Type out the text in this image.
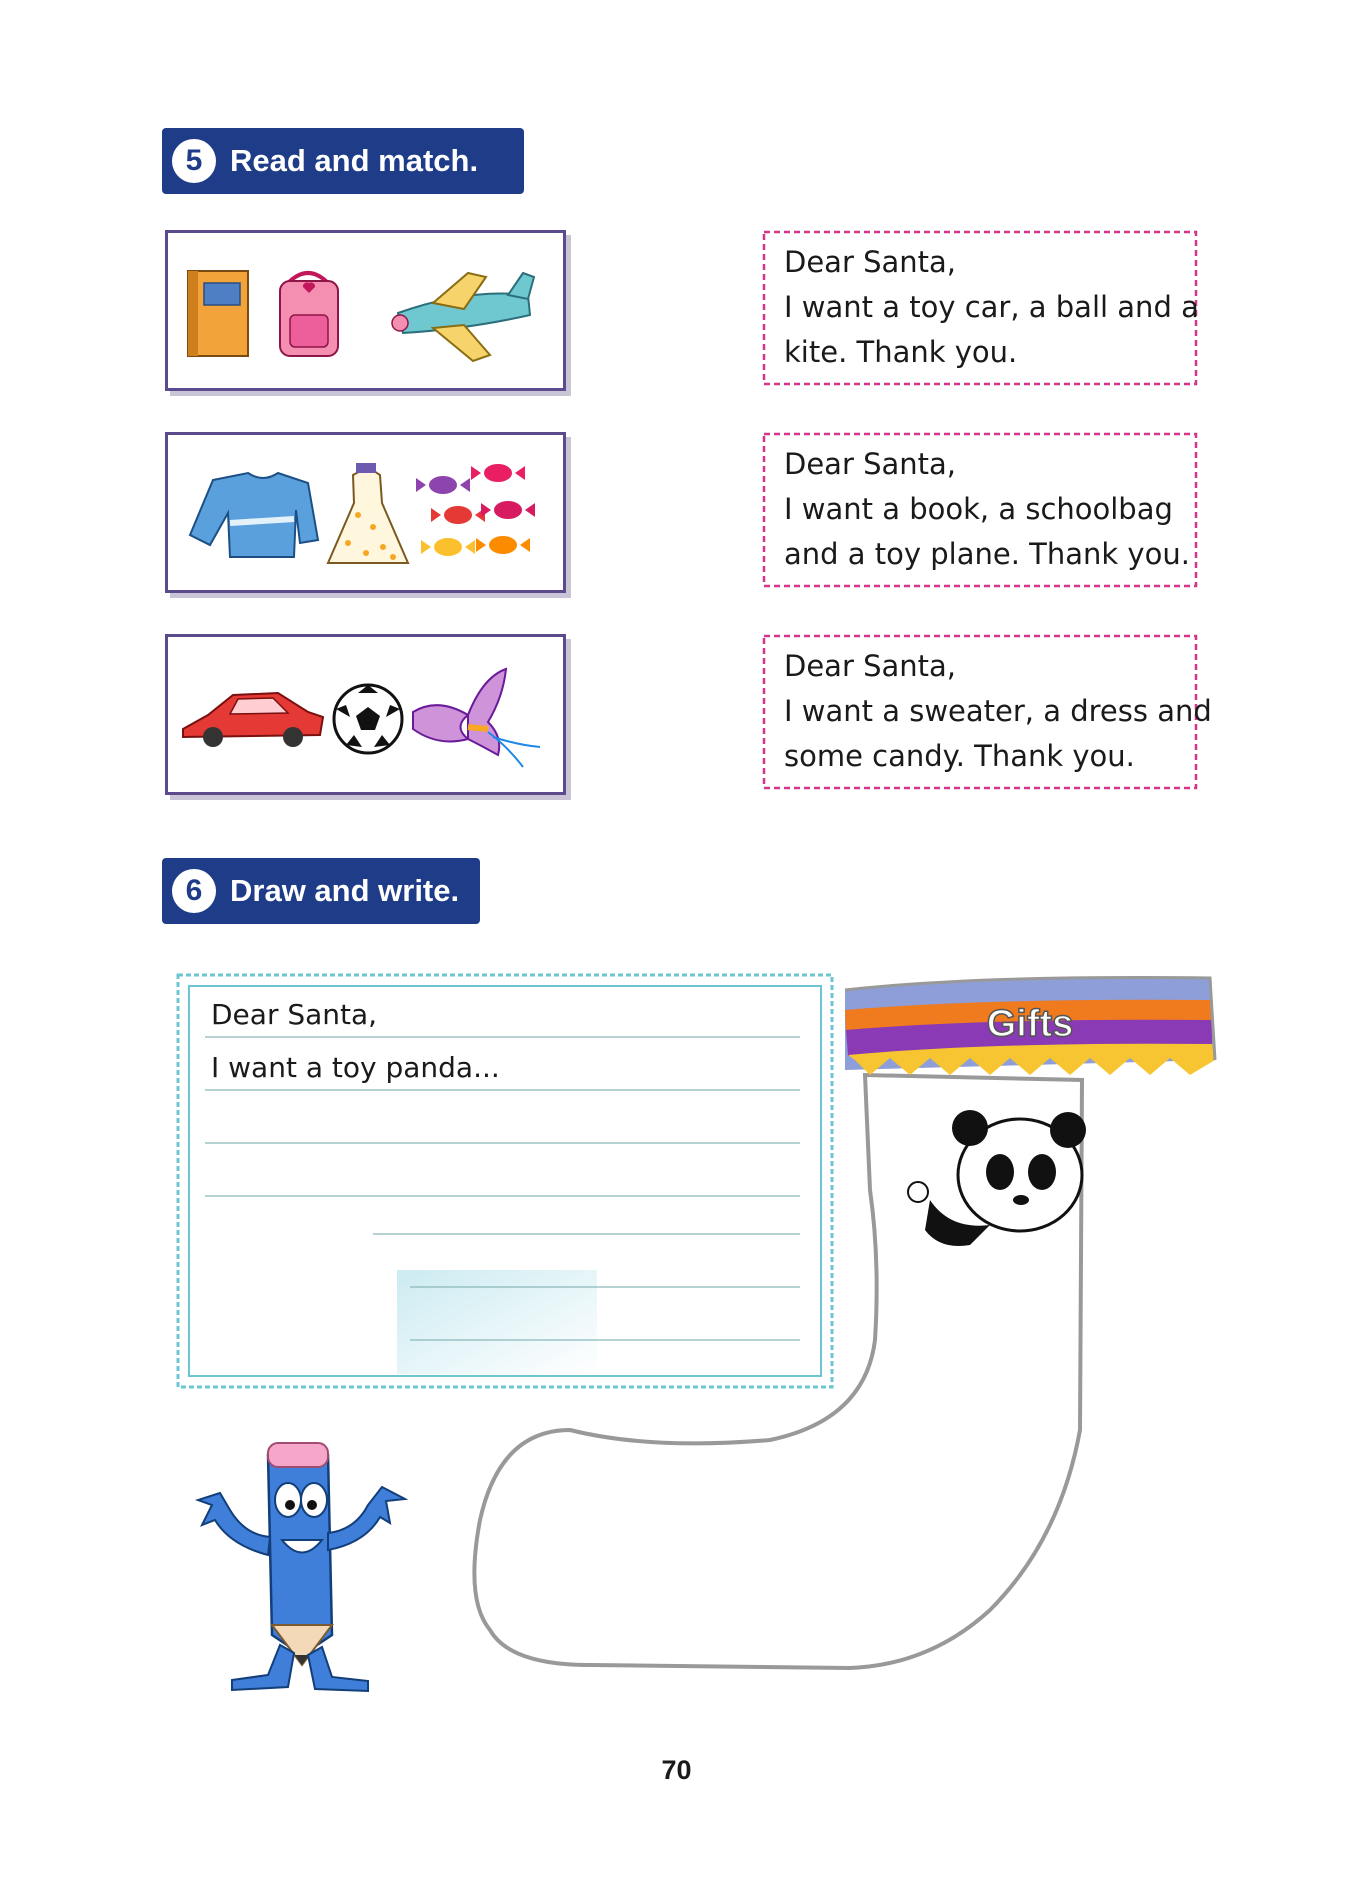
5 Read and match.
Dear Santa,
I want a toy car, a ball and a
kite. Thank you.
Dear Santa,
I want a book, a schoolbag
and a toy plane. Thank you.
Dear Santa,
I want a sweater, a dress and
some candy. Thank you.
6 Draw and write.
Dear Santa,
I want a toy panda...
Gifts
70
